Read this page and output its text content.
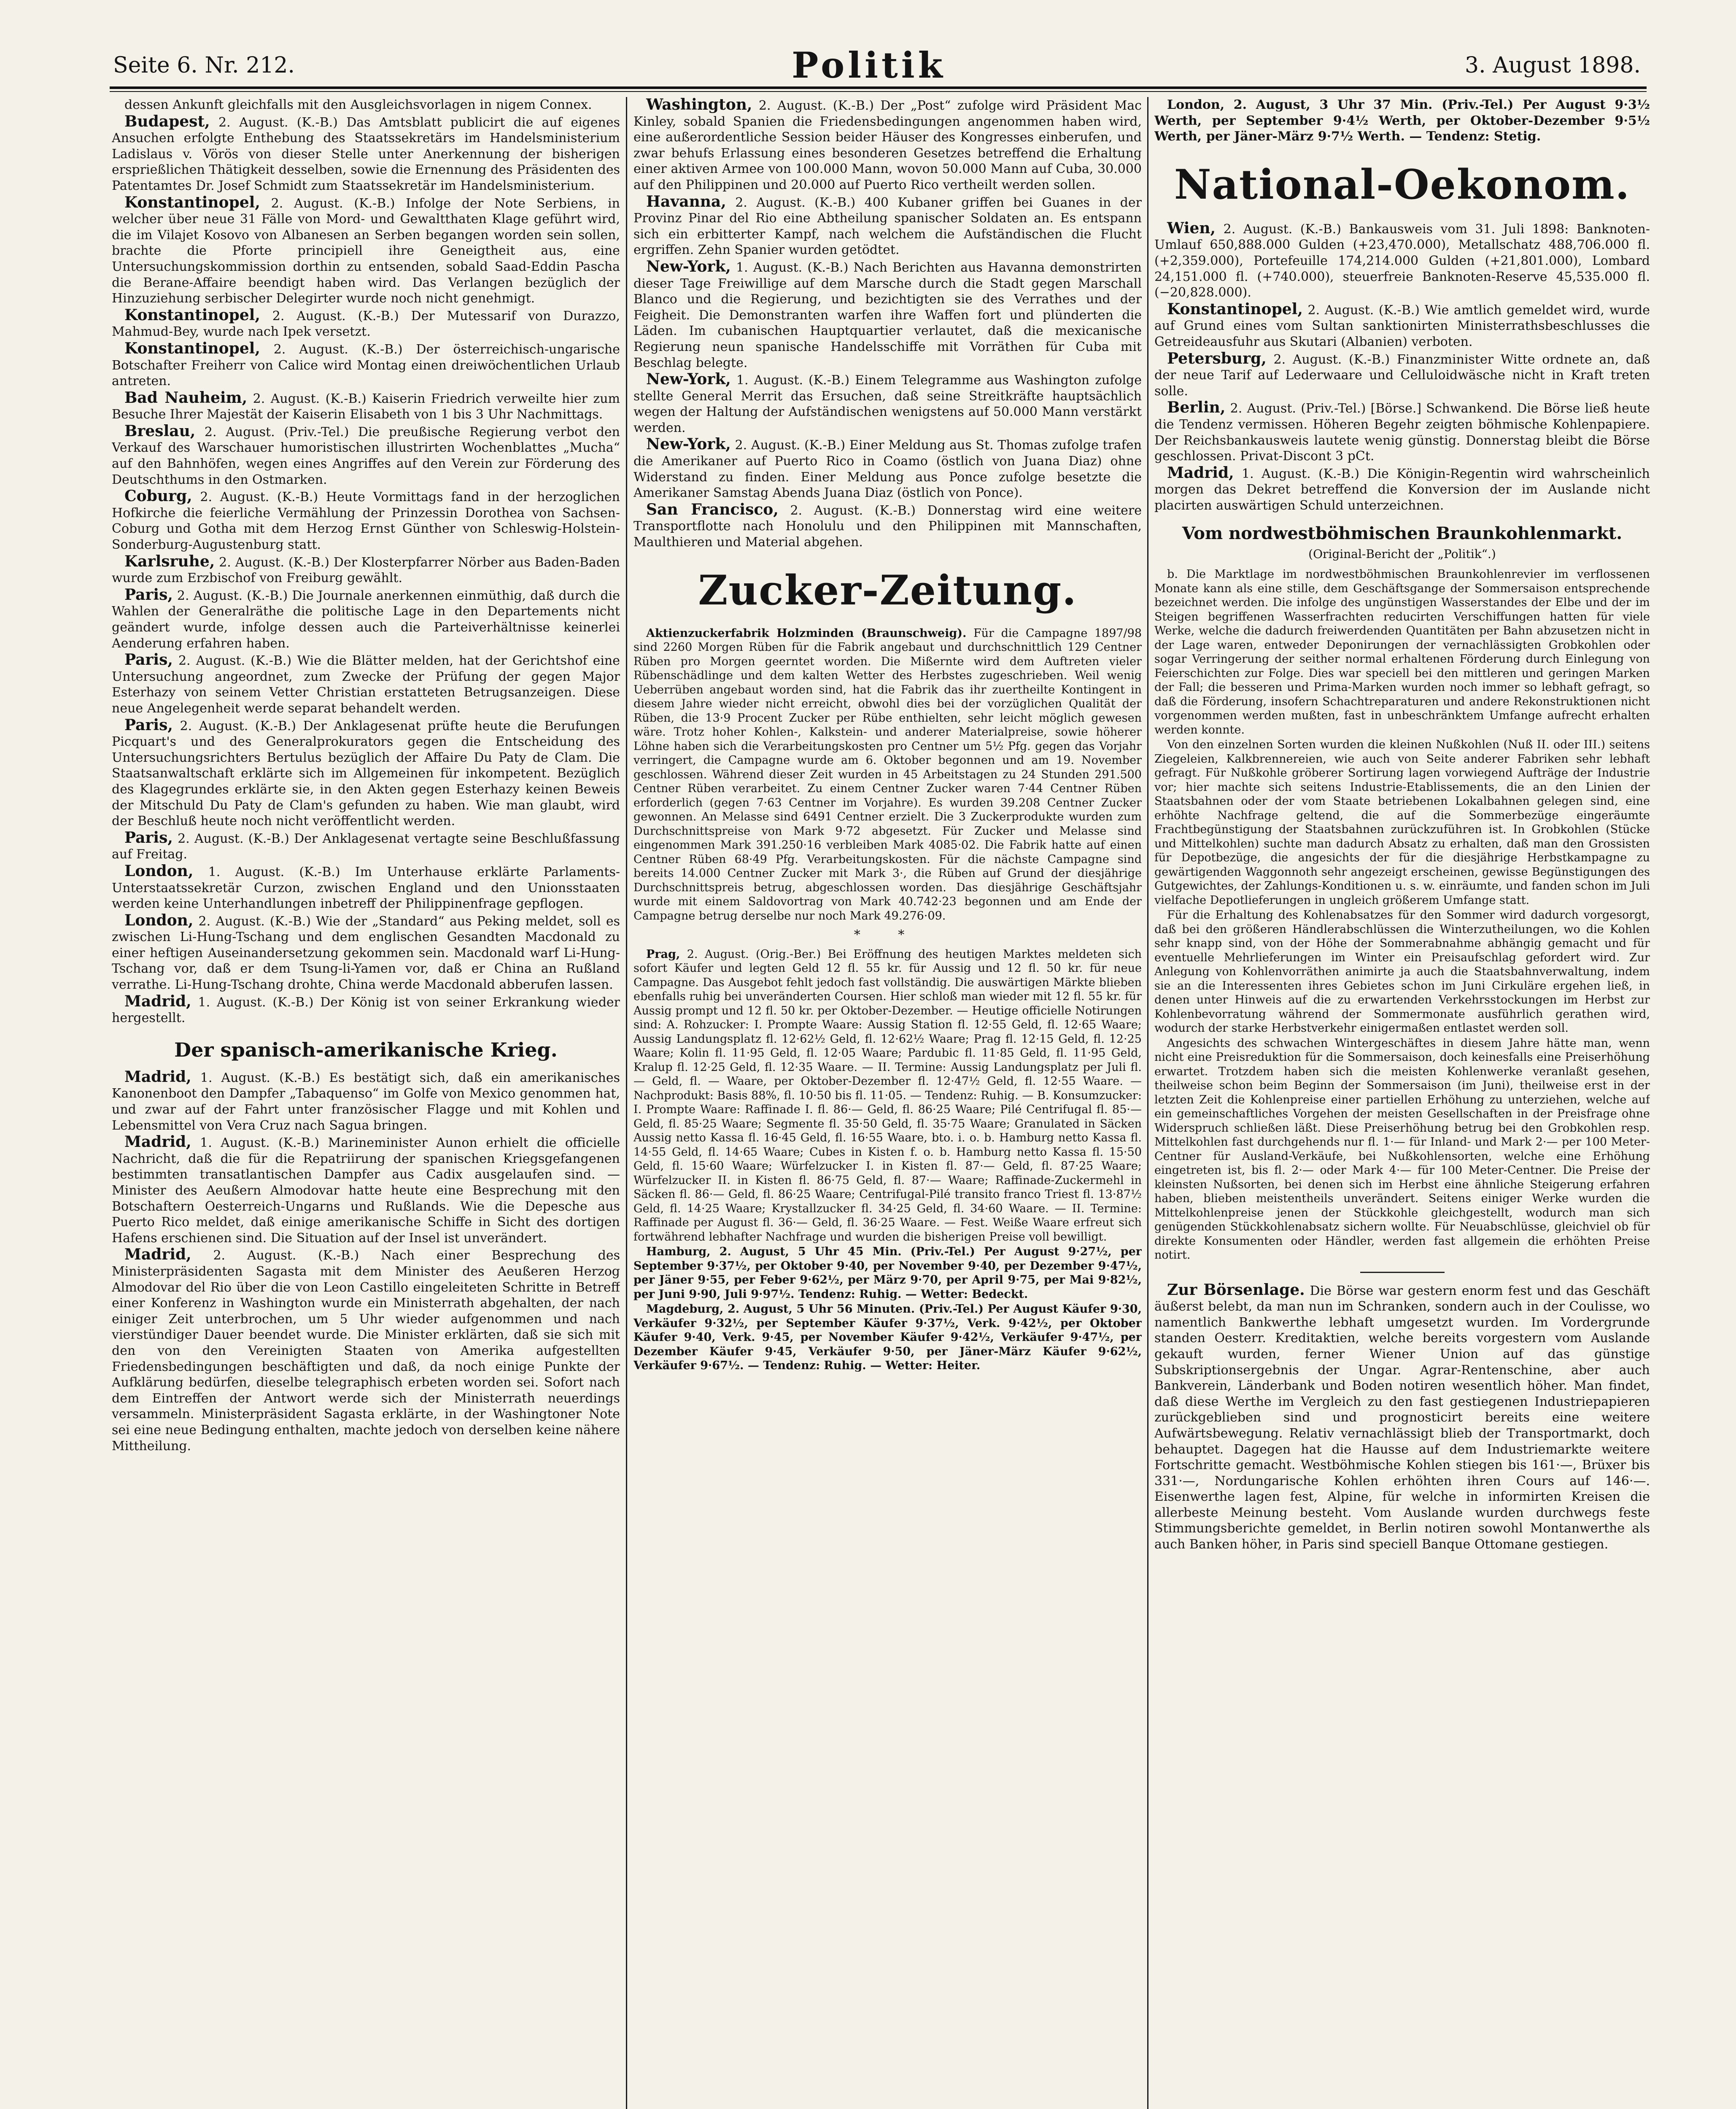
Seite 6. Nr. 212.	Politik	3. August 1898.

dessen Ankunft gleichfalls mit den Ausgleichsvorlagen in nigem Connex.

Budapest, 2. August. (K.-B.) Das Amtsblatt publicirt die auf eigenes Ansuchen erfolgte Enthebung des Staatssekretärs im Handelsministerium Ladislaus v. Vörös von dieser Stelle unter Anerkennung der bisherigen ersprießlichen Thätigkeit desselben, sowie die Ernennung des Präsidenten des Patentamtes Dr. Josef Schmidt zum Staatssekretär im Handelsministerium.

Konstantinopel, 2. August. (K.-B.) Infolge der Note Serbiens, in welcher über neue 31 Fälle von Mord- und Gewaltthaten Klage geführt wird, die im Vilajet Kosovo von Albanesen an Serben begangen worden sein sollen, brachte die Pforte principiell ihre Geneigtheit aus, eine Untersuchungskommission dorthin zu entsenden, sobald Saad-Eddin Pascha die Berane-Affaire beendigt haben wird. Das Verlangen bezüglich der Hinzuziehung serbischer Delegirter wurde noch nicht genehmigt.

Konstantinopel, 2. August. (K.-B.) Der Mutessarif von Durazzo, Mahmud-Bey, wurde nach Ipek versetzt.

Konstantinopel, 2. August. (K.-B.) Der österreichisch-ungarische Botschafter Freiherr von Calice wird Montag einen dreiwöchentlichen Urlaub antreten.

Bad Nauheim, 2. August. (K.-B.) Kaiserin Friedrich verweilte hier zum Besuche Ihrer Majestät der Kaiserin Elisabeth von 1 bis 3 Uhr Nachmittags.

Breslau, 2. August. (Priv.-Tel.) Die preußische Regierung verbot den Verkauf des Warschauer humoristischen illustrirten Wochenblattes „Mucha“ auf den Bahnhöfen, wegen eines Angriffes auf den Verein zur Förderung des Deutschthums in den Ostmarken.

Coburg, 2. August. (K.-B.) Heute Vormittags fand in der herzoglichen Hofkirche die feierliche Vermählung der Prinzessin Dorothea von Sachsen-Coburg und Gotha mit dem Herzog Ernst Günther von Schleswig-Holstein-Sonderburg-Augustenburg statt.

Karlsruhe, 2. August. (K.-B.) Der Klosterpfarrer Nörber aus Baden-Baden wurde zum Erzbischof von Freiburg gewählt.

Paris, 2. August. (K.-B.) Die Journale anerkennen einmüthig, daß durch die Wahlen der Generalräthe die politische Lage in den Departements nicht geändert wurde, infolge dessen auch die Parteiverhältnisse keinerlei Aenderung erfahren haben.

Paris, 2. August. (K.-B.) Wie die Blätter melden, hat der Gerichtshof eine Untersuchung angeordnet, zum Zwecke der Prüfung der gegen Major Esterhazy von seinem Vetter Christian erstatteten Betrugsanzeigen. Diese neue Angelegenheit werde separat behandelt werden.

Paris, 2. August. (K.-B.) Der Anklagesenat prüfte heute die Berufungen Picquart's und des Generalprokurators gegen die Entscheidung des Untersuchungsrichters Bertulus bezüglich der Affaire Du Paty de Clam. Die Staatsanwaltschaft erklärte sich im Allgemeinen für inkompetent. Bezüglich des Klagegrundes erklärte sie, in den Akten gegen Esterhazy keinen Beweis der Mitschuld Du Paty de Clam's gefunden zu haben. Wie man glaubt, wird der Beschluß heute noch nicht veröffentlicht werden.

Paris, 2. August. (K.-B.) Der Anklagesenat vertagte seine Beschlußfassung auf Freitag.

London, 1. August. (K.-B.) Im Unterhause erklärte Parlaments-Unterstaatssekretär Curzon, zwischen England und den Unionsstaaten werden keine Unterhandlungen inbetreff der Philippinenfrage gepflogen.

London, 2. August. (K.-B.) Wie der „Standard“ aus Peking meldet, soll es zwischen Li-Hung-Tschang und dem englischen Gesandten Macdonald zu einer heftigen Auseinandersetzung gekommen sein. Macdonald warf Li-Hung-Tschang vor, daß er dem Tsung-li-Yamen vor, daß er China an Rußland verrathe. Li-Hung-Tschang drohte, China werde Macdonald abberufen lassen.

Madrid, 1. August. (K.-B.) Der König ist von seiner Erkrankung wieder hergestellt.

Der spanisch-amerikanische Krieg.

Madrid, 1. August. (K.-B.) Es bestätigt sich, daß ein amerikanisches Kanonenboot den Dampfer „Tabaquenso“ im Golfe von Mexico genommen hat, und zwar auf der Fahrt unter französischer Flagge und mit Kohlen und Lebensmittel von Vera Cruz nach Sagua bringen.

Madrid, 1. August. (K.-B.) Marineminister Aunon erhielt die officielle Nachricht, daß die für die Repatriirung der spanischen Kriegsgefangenen bestimmten transatlantischen Dampfer aus Cadix ausgelaufen sind. — Minister des Aeußern Almodovar hatte heute eine Besprechung mit den Botschaftern Oesterreich-Ungarns und Rußlands. Wie die Depesche aus Puerto Rico meldet, daß einige amerikanische Schiffe in Sicht des dortigen Hafens erschienen sind. Die Situation auf der Insel ist unverändert.

Madrid, 2. August. (K.-B.) Nach einer Besprechung des Ministerpräsidenten Sagasta mit dem Minister des Aeußeren Herzog Almodovar del Rio über die von Leon Castillo eingeleiteten Schritte in Betreff einer Konferenz in Washington wurde ein Ministerrath abgehalten, der nach einiger Zeit unterbrochen, um 5 Uhr wieder aufgenommen und nach vierstündiger Dauer beendet wurde. Die Minister erklärten, daß sie sich mit den von den Vereinigten Staaten von Amerika aufgestellten Friedensbedingungen beschäftigten und daß, da noch einige Punkte der Aufklärung bedürfen, dieselbe telegraphisch erbeten worden sei. Sofort nach dem Eintreffen der Antwort werde sich der Ministerrath neuerdings versammeln. Ministerpräsident Sagasta erklärte, in der Washingtoner Note sei eine neue Bedingung enthalten, machte jedoch von derselben keine nähere Mittheilung.

Washington, 2. August. (K.-B.) Der „Post“ zufolge wird Präsident Mac Kinley, sobald Spanien die Friedensbedingungen angenommen haben wird, eine außerordentliche Session beider Häuser des Kongresses einberufen, und zwar behufs Erlassung eines besonderen Gesetzes betreffend die Erhaltung einer aktiven Armee von 100.000 Mann, wovon 50.000 Mann auf Cuba, 30.000 auf den Philippinen und 20.000 auf Puerto Rico vertheilt werden sollen.

Havanna, 2. August. (K.-B.) 400 Kubaner griffen bei Guanes in der Provinz Pinar del Rio eine Abtheilung spanischer Soldaten an. Es entspann sich ein erbitterter Kampf, nach welchem die Aufständischen die Flucht ergriffen. Zehn Spanier wurden getödtet.

New-York, 1. August. (K.-B.) Nach Berichten aus Havanna demonstrirten dieser Tage Freiwillige auf dem Marsche durch die Stadt gegen Marschall Blanco und die Regierung, und bezichtigten sie des Verrathes und der Feigheit. Die Demonstranten warfen ihre Waffen fort und plünderten die Läden. Im cubanischen Hauptquartier verlautet, daß die mexicanische Regierung neun spanische Handelsschiffe mit Vorräthen für Cuba mit Beschlag belegte.

New-York, 1. August. (K.-B.) Einem Telegramme aus Washington zufolge stellte General Merrit das Ersuchen, daß seine Streitkräfte hauptsächlich wegen der Haltung der Aufständischen wenigstens auf 50.000 Mann verstärkt werden.

New-York, 2. August. (K.-B.) Einer Meldung aus St. Thomas zufolge trafen die Amerikaner auf Puerto Rico in Coamo (östlich von Juana Diaz) ohne Widerstand zu finden. Einer Meldung aus Ponce zufolge besetzte die Amerikaner Samstag Abends Juana Diaz (östlich von Ponce).

San Francisco, 2. August. (K.-B.) Donnerstag wird eine weitere Transportflotte nach Honolulu und den Philippinen mit Mannschaften, Maulthieren und Material abgehen.

Zucker-Zeitung.

Aktienzuckerfabrik Holzminden (Braunschweig). Für die Campagne 1897/98 sind 2260 Morgen Rüben für die Fabrik angebaut und durchschnittlich 129 Centner Rüben pro Morgen geerntet worden. Die Mißernte wird dem Auftreten vieler Rübenschädlinge und dem kalten Wetter des Herbstes zugeschrieben. Weil wenig Ueberrüben angebaut worden sind, hat die Fabrik das ihr zuertheilte Kontingent in diesem Jahre wieder nicht erreicht, obwohl dies bei der vorzüglichen Qualität der Rüben, die 13·9 Procent Zucker per Rübe enthielten, sehr leicht möglich gewesen wäre. Trotz hoher Kohlen-, Kalkstein- und anderer Materialpreise, sowie höherer Löhne haben sich die Verarbeitungskosten pro Centner um 5½ Pfg. gegen das Vorjahr verringert, die Campagne wurde am 6. Oktober begonnen und am 19. November geschlossen. Während dieser Zeit wurden in 45 Arbeitstagen zu 24 Stunden 291.500 Centner Rüben verarbeitet. Zu einem Centner Zucker waren 7·44 Centner Rüben erforderlich (gegen 7·63 Centner im Vorjahre). Es wurden 39.208 Centner Zucker gewonnen. An Melasse sind 6491 Centner erzielt. Die 3 Zuckerprodukte wurden zum Durchschnittspreise von Mark 9·72 abgesetzt. Für Zucker und Melasse sind eingenommen Mark 391.250·16 verbleiben Mark 4085·02. Die Fabrik hatte auf einen Centner Rüben 68·49 Pfg. Verarbeitungskosten. Für die nächste Campagne sind bereits 14.000 Centner Zucker mit Mark 3·, die Rüben auf Grund der diesjährige Durchschnittspreis betrug, abgeschlossen worden. Das diesjährige Geschäftsjahr wurde mit einem Saldovortrag von Mark 40.742·23 begonnen und am Ende der Campagne betrug derselbe nur noch Mark 49.276·09.

* *

Prag, 2. August. (Orig.-Ber.) Bei Eröffnung des heutigen Marktes meldeten sich sofort Käufer und legten Geld 12 fl. 55 kr. für Aussig und 12 fl. 50 kr. für neue Campagne. Das Ausgebot fehlt jedoch fast vollständig. Die auswärtigen Märkte blieben ebenfalls ruhig bei unveränderten Coursen. Hier schloß man wieder mit 12 fl. 55 kr. für Aussig prompt und 12 fl. 50 kr. per Oktober-Dezember. — Heutige officielle Notirungen sind: A. Rohzucker: I. Prompte Waare: Aussig Station fl. 12·55 Geld, fl. 12·65 Waare; Aussig Landungsplatz fl. 12·62½ Geld, fl. 12·62½ Waare; Prag fl. 12·15 Geld, fl. 12·25 Waare; Kolin fl. 11·95 Geld, fl. 12·05 Waare; Pardubic fl. 11·85 Geld, fl. 11·95 Geld, Kralup fl. 12·25 Geld, fl. 12·35 Waare. — II. Termine: Aussig Landungsplatz per Juli fl. — Geld, fl. — Waare, per Oktober-Dezember fl. 12·47½ Geld, fl. 12·55 Waare. — Nachprodukt: Basis 88%, fl. 10·50 bis fl. 11·05. — Tendenz: Ruhig. — B. Konsumzucker: I. Prompte Waare: Raffinade I. fl. 86·— Geld, fl. 86·25 Waare; Pilé Centrifugal fl. 85·— Geld, fl. 85·25 Waare; Segmente fl. 35·50 Geld, fl. 35·75 Waare; Granulated in Säcken Aussig netto Kassa fl. 16·45 Geld, fl. 16·55 Waare, bto. i. o. b. Hamburg netto Kassa fl. 14·55 Geld, fl. 14·65 Waare; Cubes in Kisten f. o. b. Hamburg netto Kassa fl. 15·50 Geld, fl. 15·60 Waare; Würfelzucker I. in Kisten fl. 87·— Geld, fl. 87·25 Waare; Würfelzucker II. in Kisten fl. 86·75 Geld, fl. 87·— Waare; Raffinade-Zuckermehl in Säcken fl. 86·— Geld, fl. 86·25 Waare; Centrifugal-Pilé transito franco Triest fl. 13·87½ Geld, fl. 14·25 Waare; Krystallzucker fl. 34·25 Geld, fl. 34·60 Waare. — II. Termine: Raffinade per August fl. 36·— Geld, fl. 36·25 Waare. — Fest. Weiße Waare erfreut sich fortwährend lebhafter Nachfrage und wurden die bisherigen Preise voll bewilligt.

Hamburg, 2. August, 5 Uhr 45 Min. (Priv.-Tel.) Per August 9·27½, per September 9·37½, per Oktober 9·40, per November 9·40, per Dezember 9·47½, per Jäner 9·55, per Feber 9·62½, per März 9·70, per April 9·75, per Mai 9·82½, per Juni 9·90, Juli 9·97½. Tendenz: Ruhig. — Wetter: Bedeckt.

Magdeburg, 2. August, 5 Uhr 56 Minuten. (Priv.-Tel.) Per August Käufer 9·30, Verkäufer 9·32½, per September Käufer 9·37½, Verk. 9·42½, per Oktober Käufer 9·40, Verk. 9·45, per November Käufer 9·42½, Verkäufer 9·47½, per Dezember Käufer 9·45, Verkäufer 9·50, per Jäner-März Käufer 9·62½, Verkäufer 9·67½. — Tendenz: Ruhig. — Wetter: Heiter.

London, 2. August, 3 Uhr 37 Min. (Priv.-Tel.) Per August 9·3½ Werth, per September 9·4½ Werth, per Oktober-Dezember 9·5½ Werth, per Jäner-März 9·7½ Werth. — Tendenz: Stetig.

National-Oekonom.

Wien, 2. August. (K.-B.) Bankausweis vom 31. Juli 1898: Banknoten-Umlauf 650,888.000 Gulden (+23,470.000), Metallschatz 488,706.000 fl. (+2,359.000), Portefeuille 174,214.000 Gulden (+21,801.000), Lombard 24,151.000 fl. (+740.000), steuerfreie Banknoten-Reserve 45,535.000 fl. (−20,828.000).

Konstantinopel, 2. August. (K.-B.) Wie amtlich gemeldet wird, wurde auf Grund eines vom Sultan sanktionirten Ministerrathsbeschlusses die Getreideausfuhr aus Skutari (Albanien) verboten.

Petersburg, 2. August. (K.-B.) Finanzminister Witte ordnete an, daß der neue Tarif auf Lederwaare und Celluloidwäsche nicht in Kraft treten solle.

Berlin, 2. August. (Priv.-Tel.) [Börse.] Schwankend. Die Börse ließ heute die Tendenz vermissen. Höheren Begehr zeigten böhmische Kohlenpapiere. Der Reichsbankausweis lautete wenig günstig. Donnerstag bleibt die Börse geschlossen. Privat-Discont 3 pCt.

Madrid, 1. August. (K.-B.) Die Königin-Regentin wird wahrscheinlich morgen das Dekret betreffend die Konversion der im Auslande nicht placirten auswärtigen Schuld unterzeichnen.

Vom nordwestböhmischen Braunkohlenmarkt.
(Original-Bericht der „Politik“.)

b. Die Marktlage im nordwestböhmischen Braunkohlenrevier im verflossenen Monate kann als eine stille, dem Geschäftsgange der Sommersaison entsprechende bezeichnet werden. Die infolge des ungünstigen Wasserstandes der Elbe und der im Steigen begriffenen Wasserfrachten reducirten Verschiffungen hatten für viele Werke, welche die dadurch freiwerdenden Quantitäten per Bahn abzusetzen nicht in der Lage waren, entweder Deponirungen der vernachlässigten Grobkohlen oder sogar Verringerung der seither normal erhaltenen Förderung durch Einlegung von Feierschichten zur Folge. Dies war speciell bei den mittleren und geringen Marken der Fall; die besseren und Prima-Marken wurden noch immer so lebhaft gefragt, so daß die Förderung, insofern Schachtreparaturen und andere Rekonstruktionen nicht vorgenommen werden mußten, fast in unbeschränktem Umfange aufrecht erhalten werden konnte.

Von den einzelnen Sorten wurden die kleinen Nußkohlen (Nuß II. oder III.) seitens Ziegeleien, Kalkbrennereien, wie auch von Seite anderer Fabriken sehr lebhaft gefragt. Für Nußkohle gröberer Sortirung lagen vorwiegend Aufträge der Industrie vor; hier machte sich seitens Industrie-Etablissements, die an den Linien der Staatsbahnen oder der vom Staate betriebenen Lokalbahnen gelegen sind, eine erhöhte Nachfrage geltend, die auf die Sommerbezüge eingeräumte Frachtbegünstigung der Staatsbahnen zurückzuführen ist. In Grobkohlen (Stücke und Mittelkohlen) suchte man dadurch Absatz zu erhalten, daß man den Grossisten für Depotbezüge, die angesichts der für die diesjährige Herbstkampagne zu gewärtigenden Waggonnoth sehr angezeigt erscheinen, gewisse Begünstigungen des Gutgewichtes, der Zahlungs-Konditionen u. s. w. einräumte, und fanden schon im Juli vielfache Depotlieferungen in ungleich größerem Umfange statt.

Für die Erhaltung des Kohlenabsatzes für den Sommer wird dadurch vorgesorgt, daß bei den größeren Händlerabschlüssen die Winterzutheilungen, wo die Kohlen sehr knapp sind, von der Höhe der Sommerabnahme abhängig gemacht und für eventuelle Mehrlieferungen im Winter ein Preisaufschlag gefordert wird. Zur Anlegung von Kohlenvorräthen animirte ja auch die Staatsbahnverwaltung, indem sie an die Interessenten ihres Gebietes schon im Juni Cirkuläre ergehen ließ, in denen unter Hinweis auf die zu erwartenden Verkehrsstockungen im Herbst zur Kohlenbevorratung während der Sommermonate ausführlich gerathen wird, wodurch der starke Herbstverkehr einigermaßen entlastet werden soll.

Angesichts des schwachen Wintergeschäftes in diesem Jahre hätte man, wenn nicht eine Preisreduktion für die Sommersaison, doch keinesfalls eine Preiserhöhung erwartet. Trotzdem haben sich die meisten Kohlenwerke veranlaßt gesehen, theilweise schon beim Beginn der Sommersaison (im Juni), theilweise erst in der letzten Zeit die Kohlenpreise einer partiellen Erhöhung zu unterziehen, welche auf ein gemeinschaftliches Vorgehen der meisten Gesellschaften in der Preisfrage ohne Widerspruch schließen läßt. Diese Preiserhöhung betrug bei den Grobkohlen resp. Mittelkohlen fast durchgehends nur fl. 1·— für Inland- und Mark 2·— per 100 Meter-Centner für Ausland-Verkäufe, bei Nußkohlensorten, welche eine Erhöhung eingetreten ist, bis fl. 2·— oder Mark 4·— für 100 Meter-Centner. Die Preise der kleinsten Nußsorten, bei denen sich im Herbst eine ähnliche Steigerung erfahren haben, blieben meistentheils unverändert. Seitens einiger Werke wurden die Mittelkohlenpreise jenen der Stückkohle gleichgestellt, wodurch man sich genügenden Stückkohlenabsatz sichern wollte. Für Neuabschlüsse, gleichviel ob für direkte Konsumenten oder Händler, werden fast allgemein die erhöhten Preise notirt.

Zur Börsenlage. Die Börse war gestern enorm fest und das Geschäft äußerst belebt, da man nun im Schranken, sondern auch in der Coulisse, wo namentlich Bankwerthe lebhaft umgesetzt wurden. Im Vordergrunde standen Oesterr. Kreditaktien, welche bereits vorgestern vom Auslande gekauft wurden, ferner Wiener Union auf das günstige Subskriptionsergebnis der Ungar. Agrar-Rentenschine, aber auch Bankverein, Länderbank und Boden notiren wesentlich höher. Man findet, daß diese Werthe im Vergleich zu den fast gestiegenen Industriepapieren zurückgeblieben sind und prognosticirt bereits eine weitere Aufwärtsbewegung. Relativ vernachlässigt blieb der Transportmarkt, doch behauptet. Dagegen hat die Hausse auf dem Industriemarkte weitere Fortschritte gemacht. Westböhmische Kohlen stiegen bis 161·—, Brüxer bis 331·—, Nordungarische Kohlen erhöhten ihren Cours auf 146·—. Eisenwerthe lagen fest, Alpine, für welche in informirten Kreisen die allerbeste Meinung besteht. Vom Auslande wurden durchwegs feste Stimmungsberichte gemeldet, in Berlin notiren sowohl Montanwerthe als auch Banken höher, in Paris sind speciell Banque Ottomane gestiegen.
